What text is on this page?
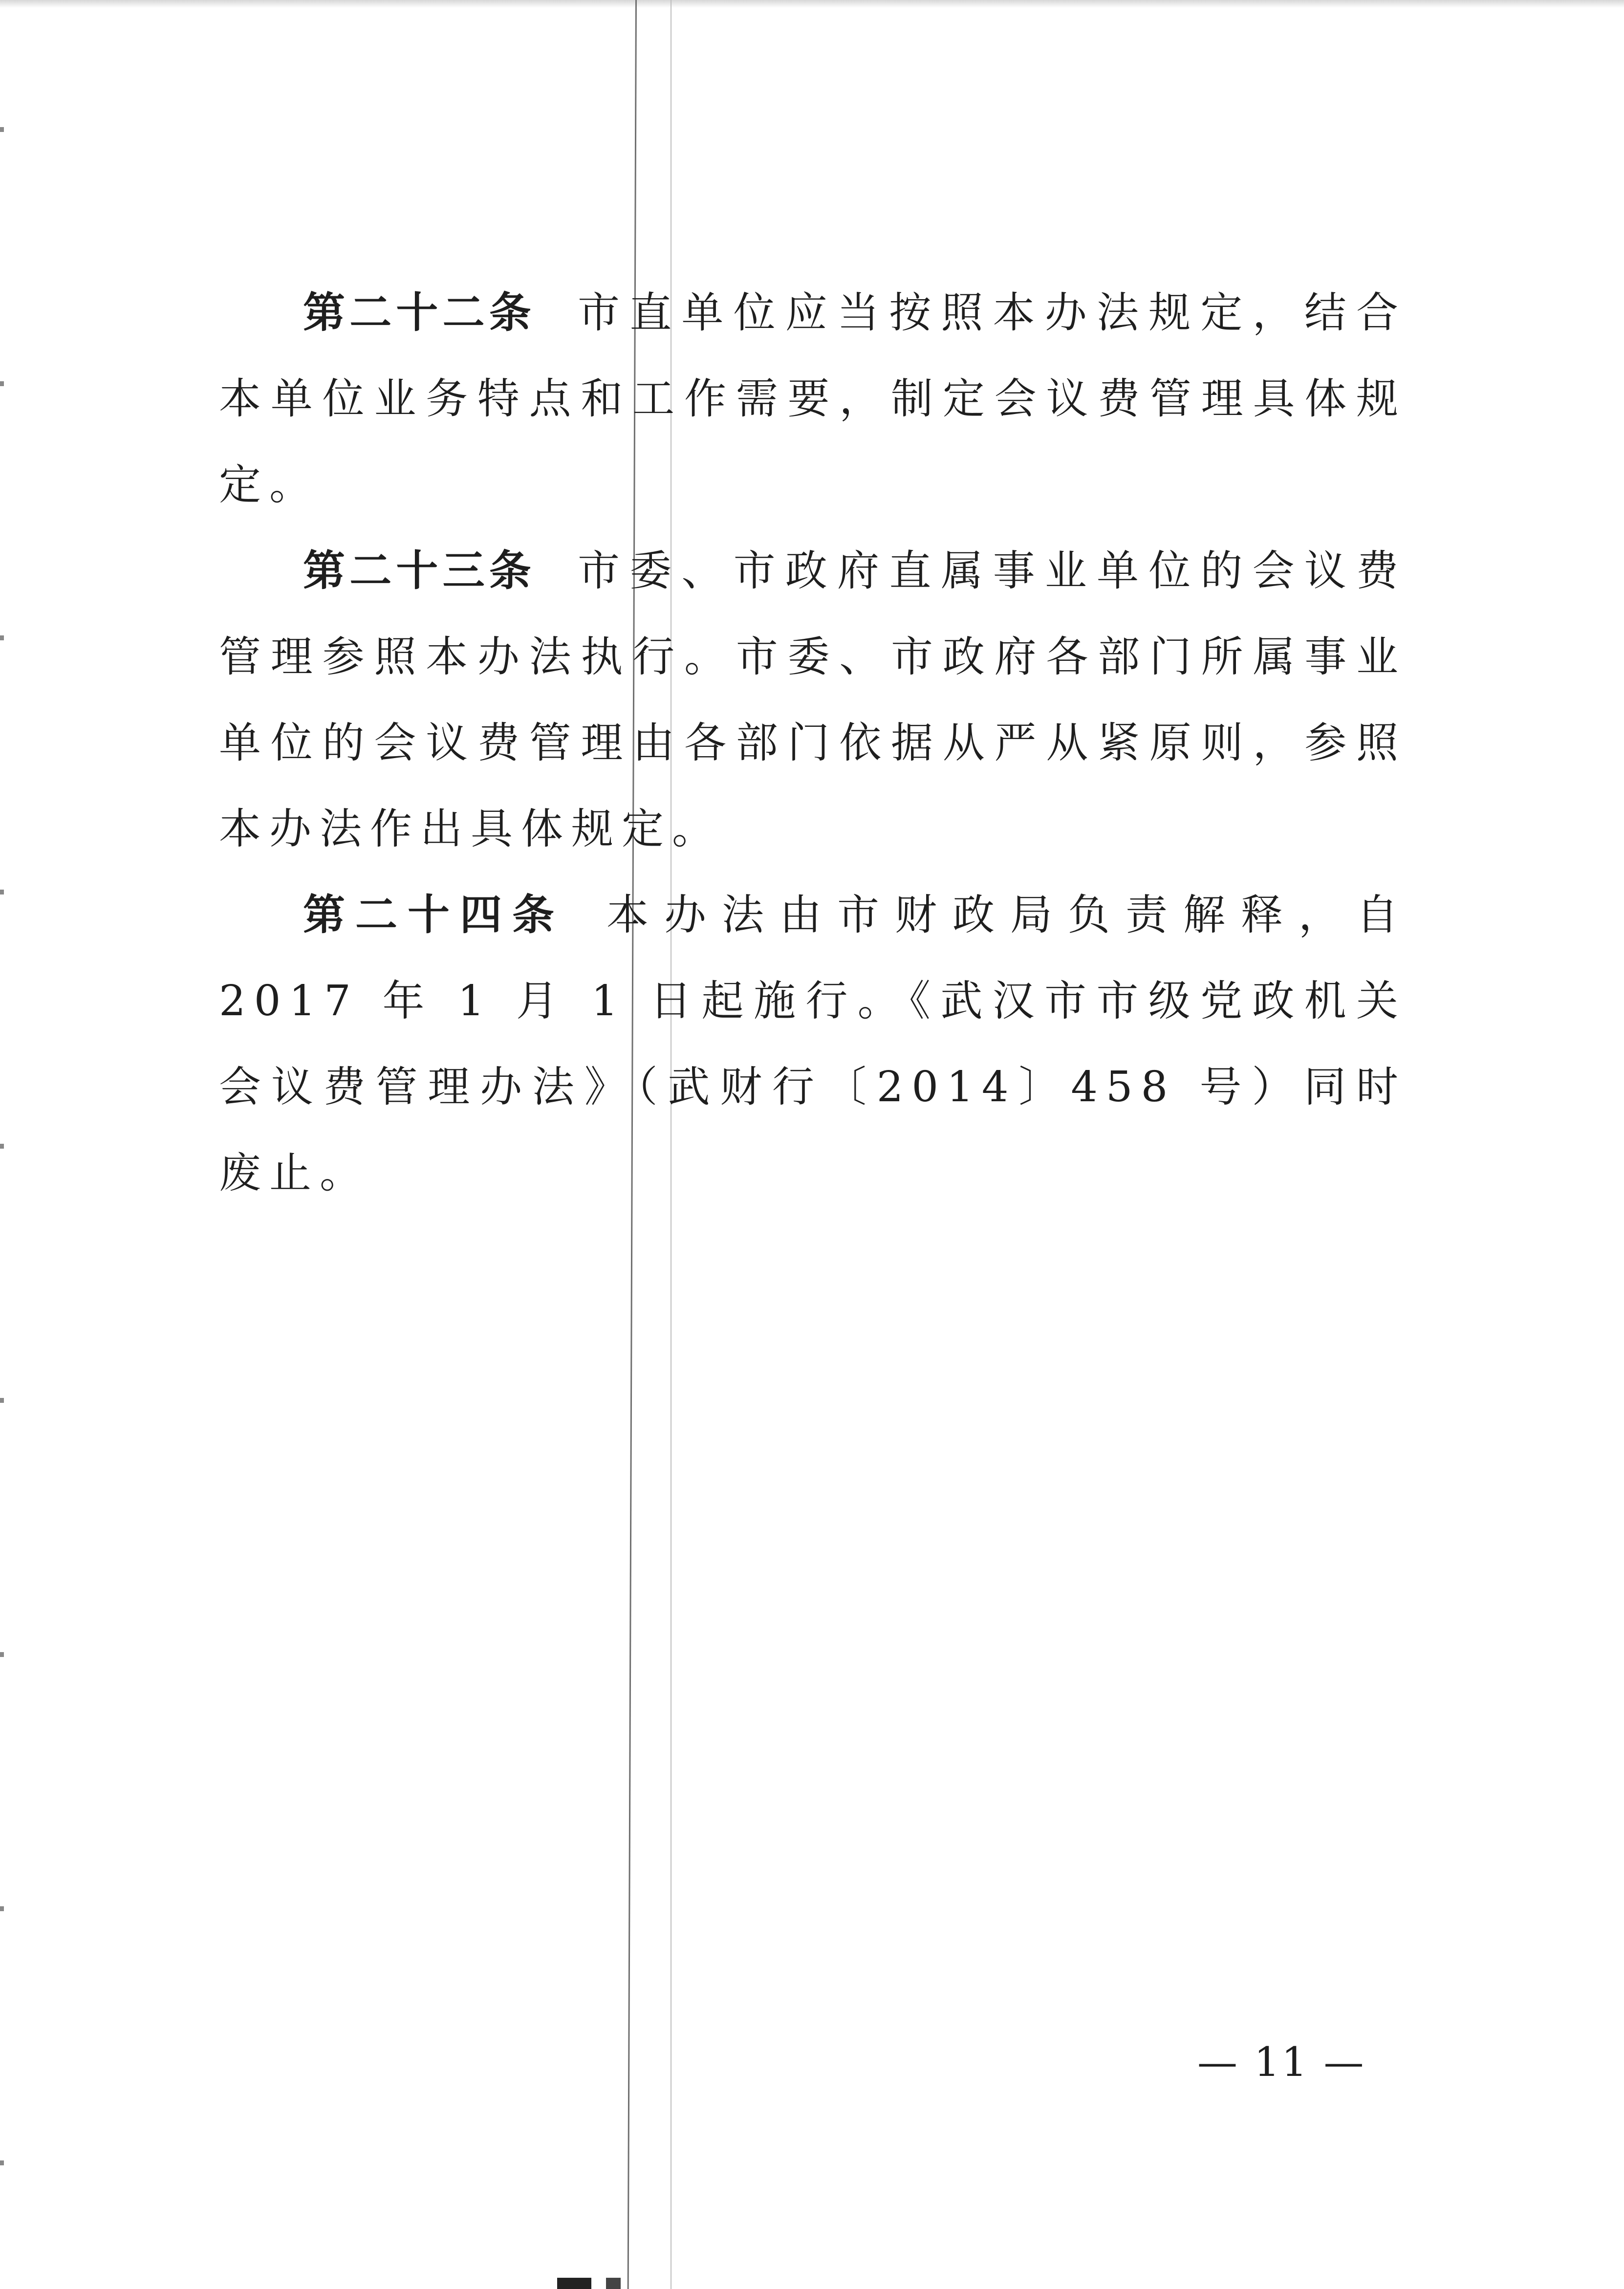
第二十二条 市直单位应当按照本办法规定，结合本单位业务特点和工作需要，制定会议费管理具体规定。

第二十三条 市委、市政府直属事业单位的会议费管理参照本办法执行。市委、市政府各部门所属事业单位的会议费管理由各部门依据从严从紧原则，参照本办法作出具体规定。

第二十四条 本办法由市财政局负责解释，自 2017 年 1 月 1 日起施行。《武汉市市级党政机关会议费管理办法》（武财行〔2014〕458 号）同时废止。

— 11 —
